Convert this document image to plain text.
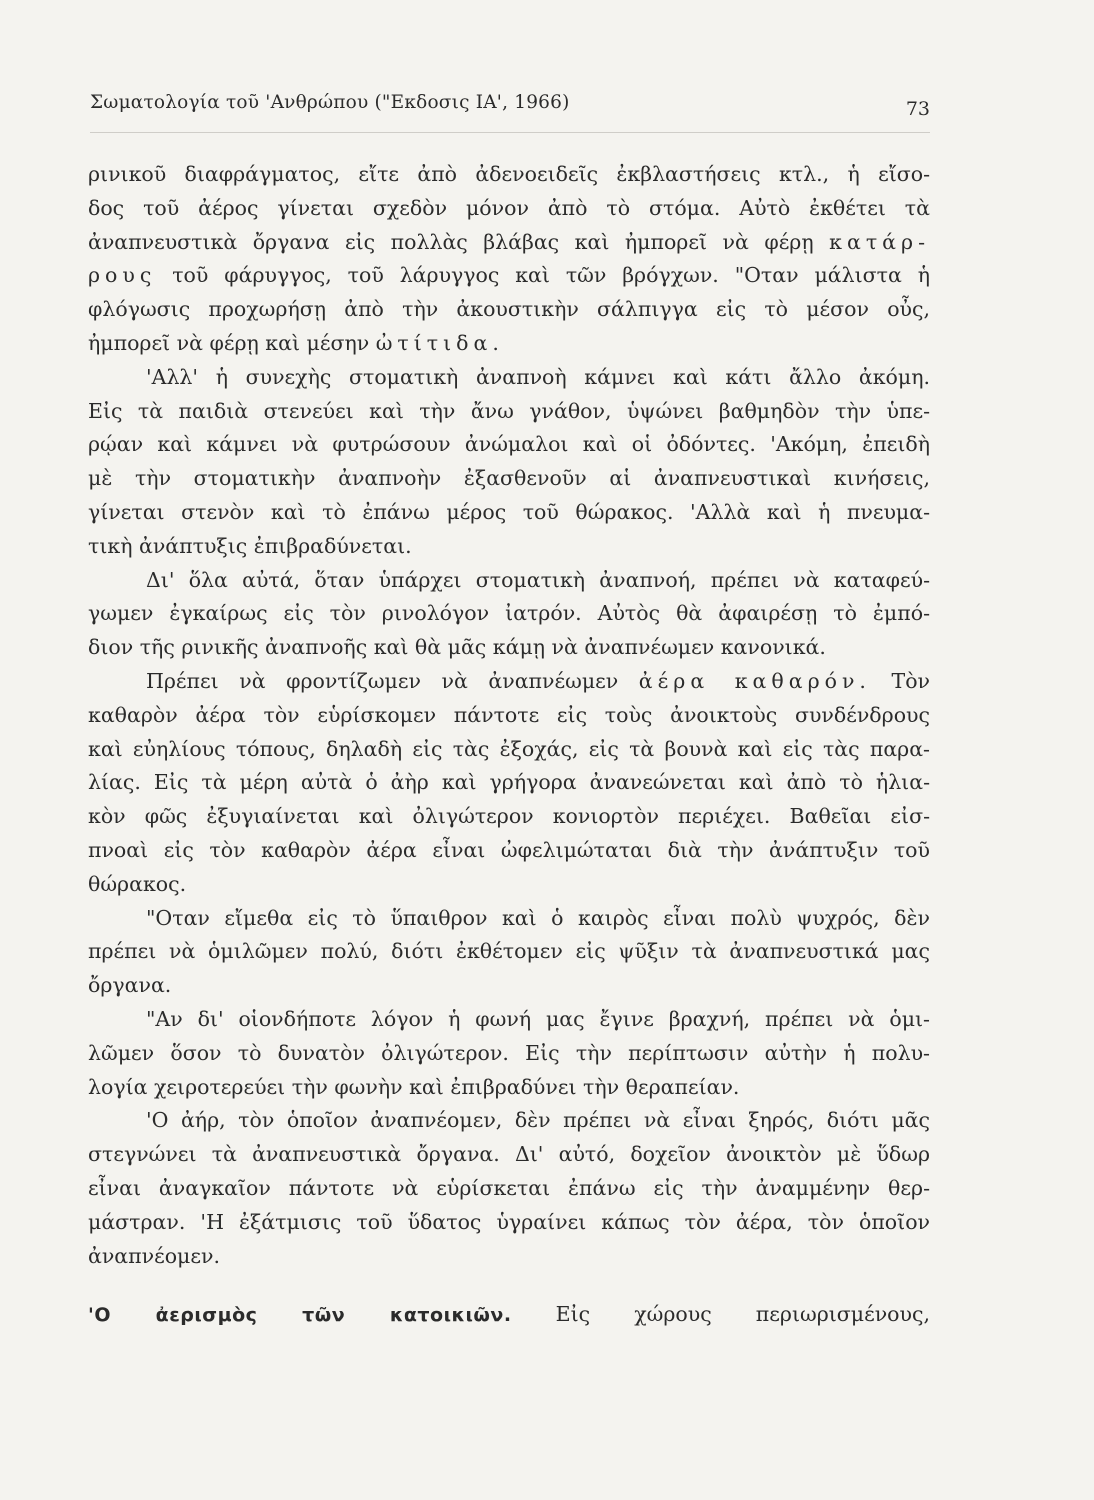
Σωματολογία τοῦ 'Ανθρώπου ("Εκδοσις ΙΑ', 1966)	73
ρινικοῦ διαφράγματος, εἴτε ἀπὸ ἀδενοειδεῖς ἐκβλαστήσεις κτλ., ἡ εἴσο-
δος τοῦ ἀέρος γίνεται σχεδὸν μόνον ἀπὸ τὸ στόμα. Αὐτὸ ἐκθέτει τὰ
ἀναπνευστικὰ ὄργανα εἰς πολλὰς βλάβας καὶ ἠμπορεῖ νὰ φέρῃ κατάρ-
ρους τοῦ φάρυγγος, τοῦ λάρυγγος καὶ τῶν βρόγχων. "Οταν μάλιστα ἡ
φλόγωσις προχωρήσῃ ἀπὸ τὴν ἀκουστικὴν σάλπιγγα εἰς τὸ μέσον οὖς,
ἠμπορεῖ νὰ φέρῃ καὶ μέσην ὠτίτιδα.
'Αλλ' ἡ συνεχὴς στοματικὴ ἀναπνοὴ κάμνει καὶ κάτι ἄλλο ἀκόμη.
Εἰς τὰ παιδιὰ στενεύει καὶ τὴν ἄνω γνάθον, ὑψώνει βαθμηδὸν τὴν ὑπε-
ρῴαν καὶ κάμνει νὰ φυτρώσουν ἀνώμαλοι καὶ οἱ ὀδόντες. 'Ακόμη, ἐπειδὴ
μὲ τὴν στοματικὴν ἀναπνοὴν ἐξασθενοῦν αἱ ἀναπνευστικαὶ κινήσεις,
γίνεται στενὸν καὶ τὸ ἐπάνω μέρος τοῦ θώρακος. 'Αλλὰ καὶ ἡ πνευμα-
τικὴ ἀνάπτυξις ἐπιβραδύνεται.
Δι' ὅλα αὐτά, ὅταν ὑπάρχει στοματικὴ ἀναπνοή, πρέπει νὰ καταφεύ-
γωμεν ἐγκαίρως εἰς τὸν ρινολόγον ἰατρόν. Αὐτὸς θὰ ἀφαιρέσῃ τὸ ἐμπό-
διον τῆς ρινικῆς ἀναπνοῆς καὶ θὰ μᾶς κάμῃ νὰ ἀναπνέωμεν κανονικά.
Πρέπει νὰ φροντίζωμεν νὰ ἀναπνέωμεν ἀέρα καθαρόν. Τὸν
καθαρὸν ἀέρα τὸν εὑρίσκομεν πάντοτε εἰς τοὺς ἀνοικτοὺς συνδένδρους
καὶ εὐηλίους τόπους, δηλαδὴ εἰς τὰς ἐξοχάς, εἰς τὰ βουνὰ καὶ εἰς τὰς παρα-
λίας. Εἰς τὰ μέρη αὐτὰ ὁ ἀὴρ καὶ γρήγορα ἀνανεώνεται καὶ ἀπὸ τὸ ἡλια-
κὸν φῶς ἐξυγιαίνεται καὶ ὀλιγώτερον κονιορτὸν περιέχει. Βαθεῖαι εἰσ-
πνοαὶ εἰς τὸν καθαρὸν ἀέρα εἶναι ὠφελιμώταται διὰ τὴν ἀνάπτυξιν τοῦ
θώρακος.
"Οταν εἴμεθα εἰς τὸ ὕπαιθρον καὶ ὁ καιρὸς εἶναι πολὺ ψυχρός, δὲν
πρέπει νὰ ὁμιλῶμεν πολύ, διότι ἐκθέτομεν εἰς ψῦξιν τὰ ἀναπνευστικά μας
ὄργανα.
"Αν δι' οἱονδήποτε λόγον ἡ φωνή μας ἔγινε βραχνή, πρέπει νὰ ὁμι-
λῶμεν ὅσον τὸ δυνατὸν ὀλιγώτερον. Εἰς τὴν περίπτωσιν αὐτὴν ἡ πολυ-
λογία χειροτερεύει τὴν φωνὴν καὶ ἐπιβραδύνει τὴν θεραπείαν.
'Ο ἀήρ, τὸν ὁποῖον ἀναπνέομεν, δὲν πρέπει νὰ εἶναι ξηρός, διότι μᾶς
στεγνώνει τὰ ἀναπνευστικὰ ὄργανα. Δι' αὐτό, δοχεῖον ἀνοικτὸν μὲ ὕδωρ
εἶναι ἀναγκαῖον πάντοτε νὰ εὑρίσκεται ἐπάνω εἰς τὴν ἀναμμένην θερ-
μάστραν. 'Η ἐξάτμισις τοῦ ὕδατος ὑγραίνει κάπως τὸν ἀέρα, τὸν ὁποῖον
ἀναπνέομεν.
'Ο ἀερισμὸς τῶν κατοικιῶν. Εἰς χώρους περιωρισμένους,
